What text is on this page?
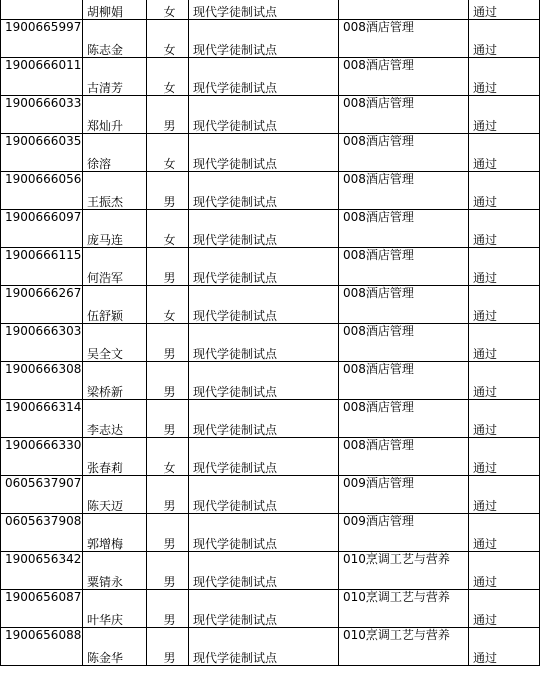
	胡柳娟	女	现代学徒制试点		通过
1900665997	陈志金	女	现代学徒制试点	008酒店管理	通过
1900666011	古清芳	女	现代学徒制试点	008酒店管理	通过
1900666033	郑灿升	男	现代学徒制试点	008酒店管理	通过
1900666035	徐溶	女	现代学徒制试点	008酒店管理	通过
1900666056	王振杰	男	现代学徒制试点	008酒店管理	通过
1900666097	庞马连	女	现代学徒制试点	008酒店管理	通过
1900666115	何浩军	男	现代学徒制试点	008酒店管理	通过
1900666267	伍舒颖	女	现代学徒制试点	008酒店管理	通过
1900666303	吴全文	男	现代学徒制试点	008酒店管理	通过
1900666308	梁桥新	男	现代学徒制试点	008酒店管理	通过
1900666314	李志达	男	现代学徒制试点	008酒店管理	通过
1900666330	张春莉	女	现代学徒制试点	008酒店管理	通过
0605637907	陈天迈	男	现代学徒制试点	009酒店管理	通过
0605637908	郭增梅	男	现代学徒制试点	009酒店管理	通过
1900656342	粟锖永	男	现代学徒制试点	010烹调工艺与营养	通过
1900656087	叶华庆	男	现代学徒制试点	010烹调工艺与营养	通过
1900656088	陈金华	男	现代学徒制试点	010烹调工艺与营养	通过
